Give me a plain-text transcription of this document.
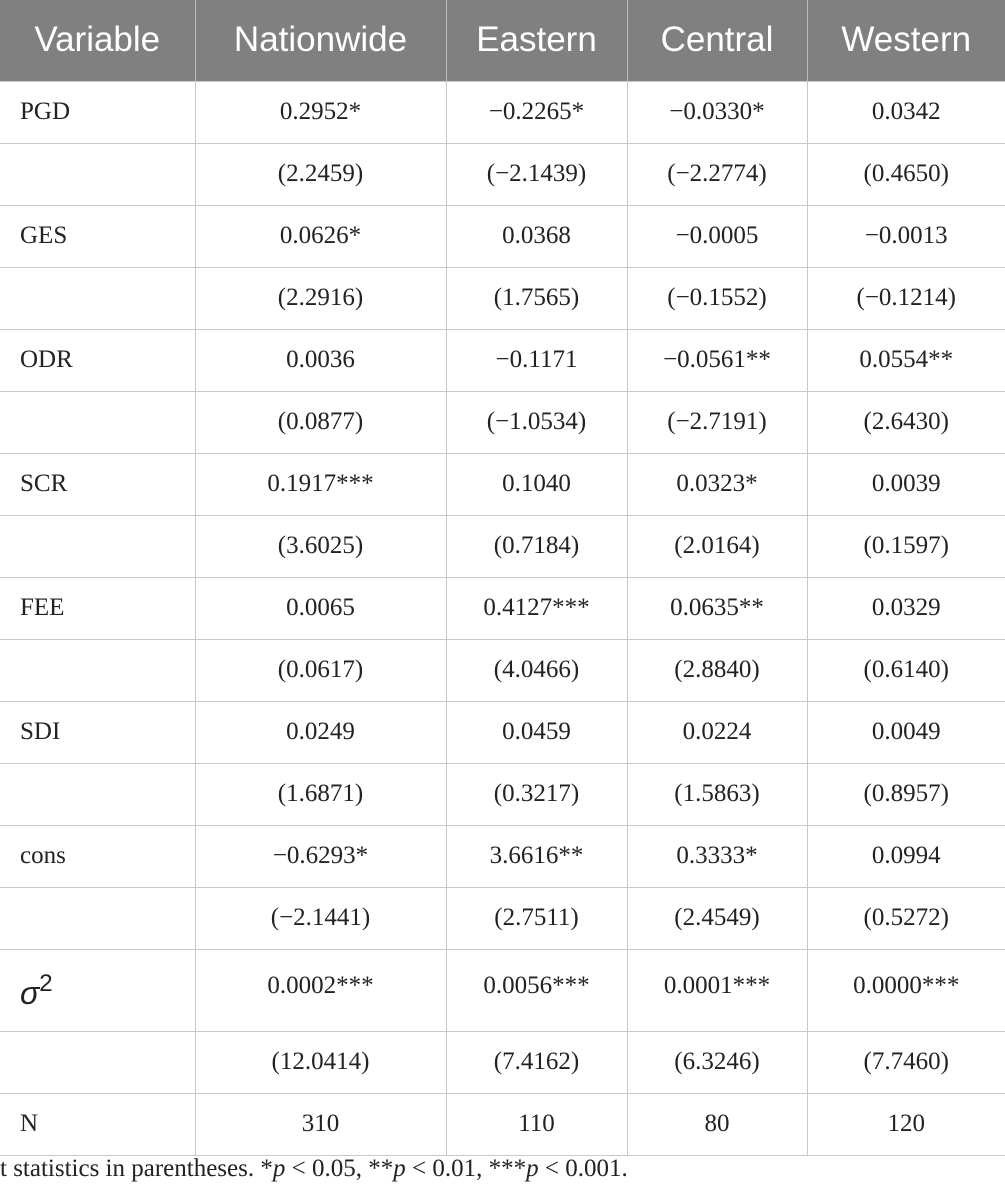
Variable	Nationwide	Eastern	Central	Western
PGD	0.2952*	−0.2265*	−0.0330*	0.0342
	(2.2459)	(−2.1439)	(−2.2774)	(0.4650)
GES	0.0626*	0.0368	−0.0005	−0.0013
	(2.2916)	(1.7565)	(−0.1552)	(−0.1214)
ODR	0.0036	−0.1171	−0.0561**	0.0554**
	(0.0877)	(−1.0534)	(−2.7191)	(2.6430)
SCR	0.1917***	0.1040	0.0323*	0.0039
	(3.6025)	(0.7184)	(2.0164)	(0.1597)
FEE	0.0065	0.4127***	0.0635**	0.0329
	(0.0617)	(4.0466)	(2.8840)	(0.6140)
SDI	0.0249	0.0459	0.0224	0.0049
	(1.6871)	(0.3217)	(1.5863)	(0.8957)
cons	−0.6293*	3.6616**	0.3333*	0.0994
	(−2.1441)	(2.7511)	(2.4549)	(0.5272)
$\sigma^2$	0.0002***	0.0056***	0.0001***	0.0000***
	(12.0414)	(7.4162)	(6.3246)	(7.7460)
N	310	110	80	120
t statistics in parentheses. *p < 0.05, **p < 0.01, ***p < 0.001.
